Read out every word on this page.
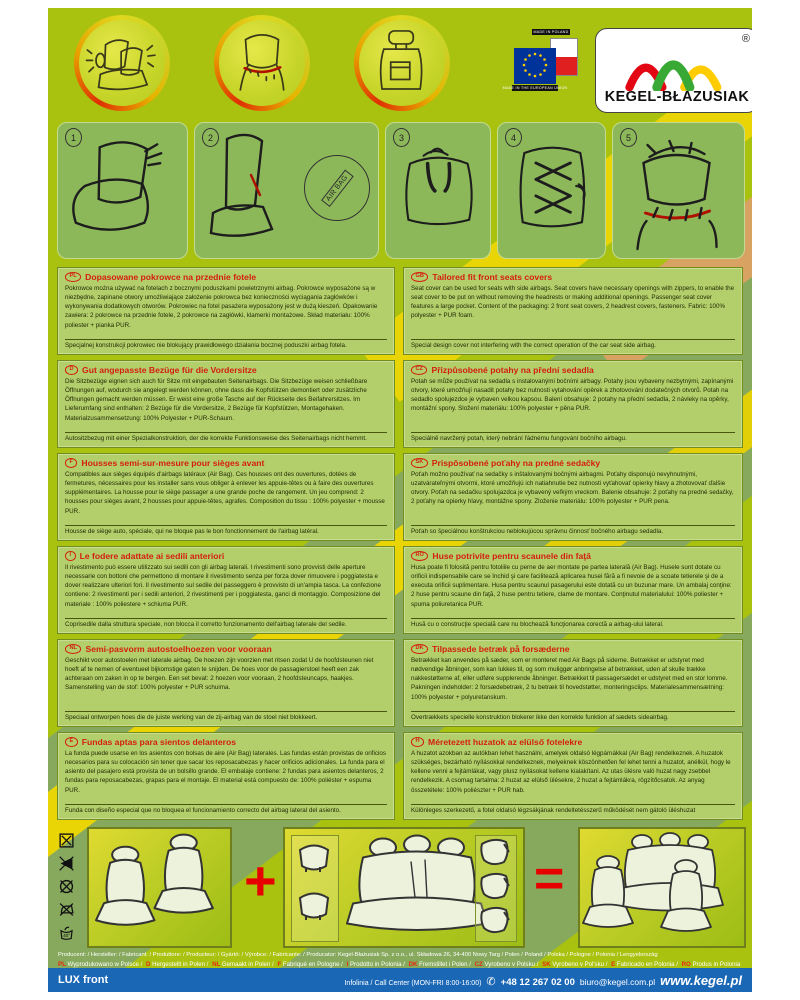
MADE IN POLAND
MADE IN THE EUROPEAN UNION
®
KEGEL-BŁAZUSIAK
1	2
AIR BAG
3	4	5
PL Dopasowane pokrowce na przednie fotele
Pokrowce można używać na fotelach z bocznymi poduszkami powietrznymi airbag. Pokrowce wyposażone są w niezbędne, zapinane otwory umożliwiające założenie pokrowca bez konieczności wyciągania zagłówków i wykonywania dodatkowych otworów. Pokrowiec na fotel pasażera wyposażony jest w dużą kieszeń. Opakowanie zawiera: 2 pokrowce na przednie fotele, 2 pokrowce na zagłówki, klamerki montażowe. Skład materiału: 100% poliester + pianka PUR.
Specjalnej konstrukcji pokrowiec nie blokujący prawidłowego działania bocznej poduszki airbag fotela.
GB Tailored fit front seats covers
Seat cover can be used for seats with side airbags. Seat covers have necessary openings with zippers, to enable the seat cover to be put on without removing the headrests or making additional openings. Passenger seat cover features a large pocket. Content of the packaging: 2 front seat covers, 2 headrest covers, fasteners. Fabric: 100% polyester + PUR foam.
Special design cover not interfering with the correct operation of the car seat side airbag.
D Gut angepasste Bezüge für die Vordersitze
Die Sitzbezüge eignen sich auch für Sitze mit eingebauten Seitenairbags. Die Sitzbezüge weisen schließbare Öffnungen auf, wodurch sie angelegt werden können, ohne dass die Kopfstützen demontiert oder zusätzliche Öffnungen gemacht werden müssen. Er weist eine große Tasche auf der Rückseite des Beifahrersitzes. Im Lieferumfang sind enthalten: 2 Bezüge für die Vordersitze, 2 Bezüge für Kopfstützen, Montagehaken. Materialzusammensetzung: 100% Polyester + PUR-Schaum.
Autositzbezug mit einer Spezialkonstruktion, der die korrekte Funktionsweise des Seitenairbags nicht hemmt.
CZ Přizpůsobené potahy na přední sedadla
Potah se může používat na sedadla s instalovanými bočními airbagy. Potahy jsou vybaveny nezbytnými, zapínanými otvory, které umožňují nasadit potahy bez nutnosti vytahování opěrek a zhotovování dodatečných otvorů. Potah na sedadlo spolujezdce je vybaven velkou kapsou. Balení obsahuje: 2 potahy na přední sedadla, 2 návleky na opěrky, montážní spony. Složení materiálu: 100% polyester + pěna PUR.
Speciálně navržený potah, který nebrání řádnému fungování bočního airbagu.
F Housses semi-sur-mesure pour sièges avant
Compatibles aux sièges équipés d'airbags latéraux (Air Bag). Ces housses ont des ouvertures, dotées de fermetures, nécessaires pour les installer sans vous obliger à enlever les appuie-têtes ou à faire des ouvertures supplémentaires. La housse pour le siège passager a une grande poche de rangement. Un jeu comprend: 2 housses pour sièges avant, 2 housses pour appuie-têtes, agrafes. Composition du tissu : 100% polyester + mousse PUR.
Housse de siège auto, spéciale, qui ne bloque pas le bon fonctionnement de l'airbag latéral.
SK Prispôsobené poťahy na predné sedačky
Poťah možno používať na sedačky s inštalovanými bočnými airbagmi. Poťahy disponujú nevyhnutnými, uzatvárateľnými otvormi, ktoré umožňujú ich natiahnutie bez nutnosti vyťahovať opierky hlavy a zhotovovať ďalšie otvory. Poťah na sedačku spolujazdca je vybavený veľkým vreckom. Balenie obsahuje: 2 poťahy na predné sedačky, 2 poťahy na opierky hlavy, montážne spony. Zloženie materiálu: 100% polyester + PUR pena.
Poťah so špeciálnou konštrukciou neblokujúcou správnu činnosť bočného airbagu sedadla.
I Le fodere adattate ai sedili anteriori
Il rivestimento può essere utilizzato sui sedili con gli airbag laterali. I rivestimenti sono provvisti delle aperture necessarie con bottoni che permettono di montare il rivestimento senza per forza dover rimuovere i poggiatesta e dover realizzare ulteriori fori. Il rivestimento sul sedile del passeggero è provvisto di un'ampia tasca. La confezione contiene: 2 rivestimenti per i sedili anteriori, 2 rivestimenti per i poggiatesta, ganci di montaggio. Composizione del materiale : 100% poliestere + schiuma PUR.
Coprisedile dalla struttura speciale, non blocca il corretto funzionamento dell'airbag laterale del sedile.
RO Huse potrivite pentru scaunele din faţă
Husa poate fi folosită pentru fotoliile cu perne de aer montate pe partea laterală (Air Bag). Husele sunt dotate cu orificii indispensabile care se închid şi care facilitează aplicarea husei fără a fi nevoie de a scoate tetierele şi de a executa orificii suplimentare. Husa pentru scaunul pasagerului este dotată cu un buzunar mare. Un ambalaj conţine: 2 huse pentru scaune din faţă, 2 huse pentru tetiere, clame de montare. Conţinutul materialului: 100% poliester + spuma poliuretanica PUR.
Husă cu o construcţie specială care nu blochează funcţionarea corectă a airbag-ului lateral.
NL Semi-pasvorm autostoelhoezen voor vooraan
Geschikt voor autostoelen met laterale airbag. De hoezen zijn voorzien met ritsen zodat U de hoofdsteunen niet hoeft af te nemen of eventueel bijkomstige gaten te snijden. De hoes voor de passagierstoel heeft een zak achteraan om zaken in op te bergen. Een set bevat: 2 hoezen voor vooraan, 2 hoofdsteuncaps, haakjes. Samenstelling van de stof: 100% polyester + PUR schuima.
Speciaal ontworpen hoes die de juiste werking van de zij-airbag van de stoel niet blokkeert.
DK Tilpassede betræk på forsæderne
Betrækket kan anvendes på sæder, som er monteret med Air Bags på siderne. Betrækket er udstyret med nødvendige åbninger, som kan lukkes til, og som muliggør anbringelse af betrækket, uden af skulle trække nakkestøtterne af, eller udføre supplerende åbninger. Betrækket til passagersædet er udstyret med en stor lomme. Pakningen indeholder: 2 forsædebetræk, 2 tu betræk til hovedstøtter, monteringsclips. Materialesammensætning: 100% polyester + polyuretanskum.
Overtrækkets specielle konstruktion blokerer ikke den korrekte funktion af sædets sideairbag.
E Fundas aptas para sientos delanteros
La funda puede usarse en los asientos con bolsas de aire (Air Bag) laterales. Las fundas están provistas de orificios necesarios para su colocación sin tener que sacar los reposacabezas y hacer orificios adicionales. La funda para el asiento del pasajero está provista de un bolsillo grande. El embalaje contiene: 2 fundas para asientos delanteros, 2 fundas para reposacabezas, grapas para el montaje. El material está compuesto de: 100% poliéster + espuma PUR.
Funda con diseño especial que no bloquea el funcionamiento correcto del airbag lateral del asiento.
H Méretezett huzatok az elülső fotelekre
A huzatot azokban az autókban lehet használni, amelyek oldalsó légpárnákkal (Air Bag) rendelkeznek. A huzatok szükséges, bezárható nyílásokkal rendelkeznek, melyeknek köszönhetően fel lehet tenni a huzatot, anélkül, hogy le kellene venni a fejtámlákat, vagy plusz nyílásokat kellene kialakítani. Az utas ülésre való huzat nagy zsebbel rendelkezik. A csomag tartalma: 2 huzat az elülső ülésekre, 2 huzat a fejtámlákra, rögzítőcsatok. Az anyag összetétele: 100% poliészter + PUR hab.
Különleges szerkezetű, a fotel oldalsó légzsákjának rendeltetésszerű működését nem gátoló üléshuzat
40°
+	=
Producent: / Hersteller: / Fabricant: / Produttore: / Producteur: / Gyártó: / Výrobce: / Fabricante: / Producator: Kegel-Błażusiak Sp. z o.o., ul. Składowa 26, 34-400 Nowy Targ / Polen / Poland / Polska / Pologne / Polonia / Lengyelország
PL Wyprodukowano w Polsce / D Hergestellt in Polen / NL Gemaakt in Polen / F Fabriqué en Pologne / I Prodotto in Polonia / DK Fremstillet i Polen / CZ Vyrobeno v Polsku / SK Vyrobeno v Pol'sku / E Fabricado en Polonia / RO Produs in Polonia
LUX front	Infolinia / Call Center (MON-FRI 8:00-16:00) ✆ +48 12 267 02 00 biuro@kegel.com.pl www.kegel.pl
